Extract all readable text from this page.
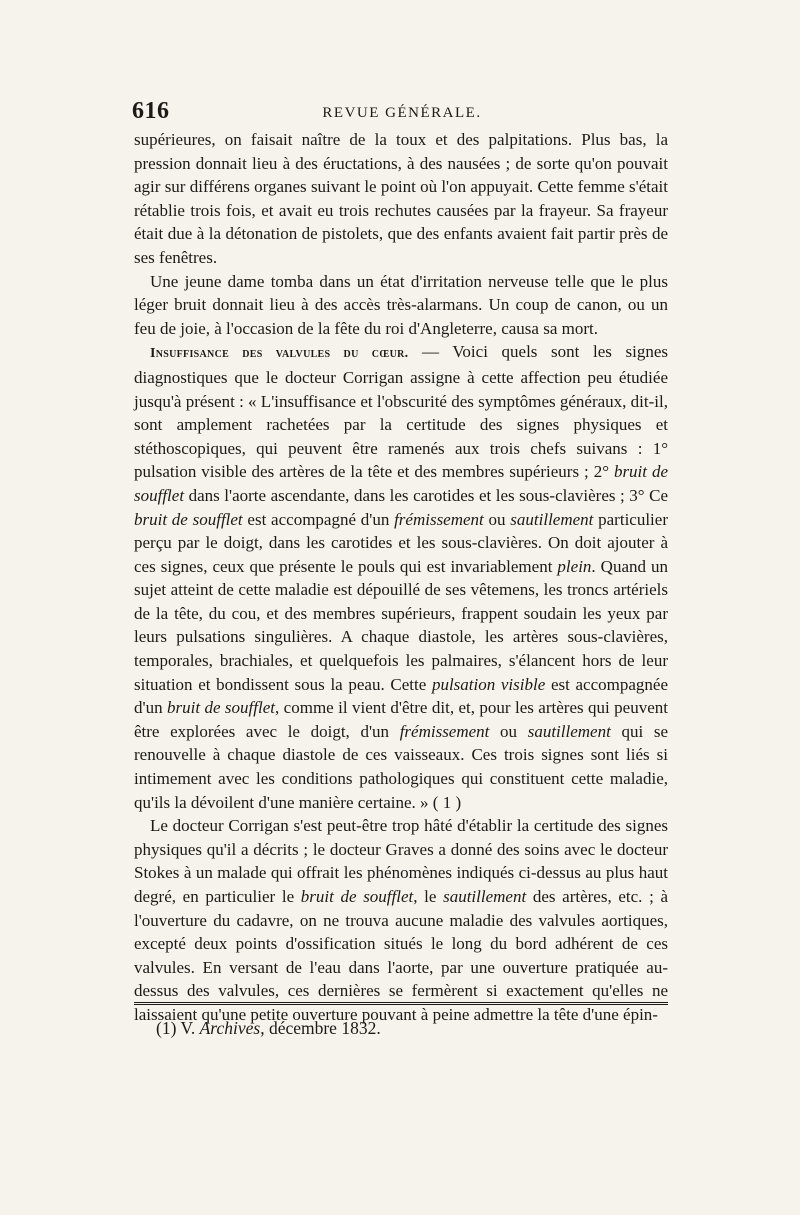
616	REVUE GÉNÉRALE.

supérieures, on faisait naître de la toux et des palpitations. Plus bas, la pression donnait lieu à des éructations, à des nausées ; de sorte qu'on pouvait agir sur différens organes suivant le point où l'on appuyait. Cette femme s'était rétablie trois fois, et avait eu trois rechutes causées par la frayeur. Sa frayeur était due à la détonation de pistolets, que des enfants avaient fait partir près de ses fenêtres.

Une jeune dame tomba dans un état d'irritation nerveuse telle que le plus léger bruit donnait lieu à des accès très-alarmans. Un coup de canon, ou un feu de joie, à l'occasion de la fête du roi d'Angleterre, causa sa mort.

Insuffisance des valvules du cœur. — Voici quels sont les signes diagnostiques que le docteur Corrigan assigne à cette affection peu étudiée jusqu'à présent : « L'insuffisance et l'obscurité des symptômes généraux, dit-il, sont amplement rachetées par la certitude des signes physiques et stéthoscopiques, qui peuvent être ramenés aux trois chefs suivans : 1° pulsation visible des artères de la tête et des membres supérieurs ; 2° bruit de soufflet dans l'aorte ascendante, dans les carotides et les sous-clavières ; 3° Ce bruit de soufflet est accompagné d'un frémissement ou sautillement particulier perçu par le doigt, dans les carotides et les sous-clavières. On doit ajouter à ces signes, ceux que présente le pouls qui est invariablement plein. Quand un sujet atteint de cette maladie est dépouillé de ses vêtemens, les troncs artériels de la tête, du cou, et des membres supérieurs, frappent soudain les yeux par leurs pulsations singulières. A chaque diastole, les artères sous-clavières, temporales, brachiales, et quelquefois les palmaires, s'élancent hors de leur situation et bondissent sous la peau. Cette pulsation visible est accompagnée d'un bruit de soufflet, comme il vient d'être dit, et, pour les artères qui peuvent être explorées avec le doigt, d'un frémissement ou sautillement qui se renouvelle à chaque diastole de ces vaisseaux. Ces trois signes sont liés si intimement avec les conditions pathologiques qui constituent cette maladie, qu'ils la dévoilent d'une manière certaine. » ( 1 )

Le docteur Corrigan s'est peut-être trop hâté d'établir la certitude des signes physiques qu'il a décrits ; le docteur Graves a donné des soins avec le docteur Stokes à un malade qui offrait les phénomènes indiqués ci-dessus au plus haut degré, en particulier le bruit de soufflet, le sautillement des artères, etc. ; à l'ouverture du cadavre, on ne trouva aucune maladie des valvules aortiques, excepté deux points d'ossification situés le long du bord adhérent de ces valvules. En versant de l'eau dans l'aorte, par une ouverture pratiquée au-dessus des valvules, ces dernières se fermèrent si exactement qu'elles ne laissaient qu'une petite ouverture pouvant à peine admettre la tête d'une épin-

(1) V. Archives, décembre 1832.
